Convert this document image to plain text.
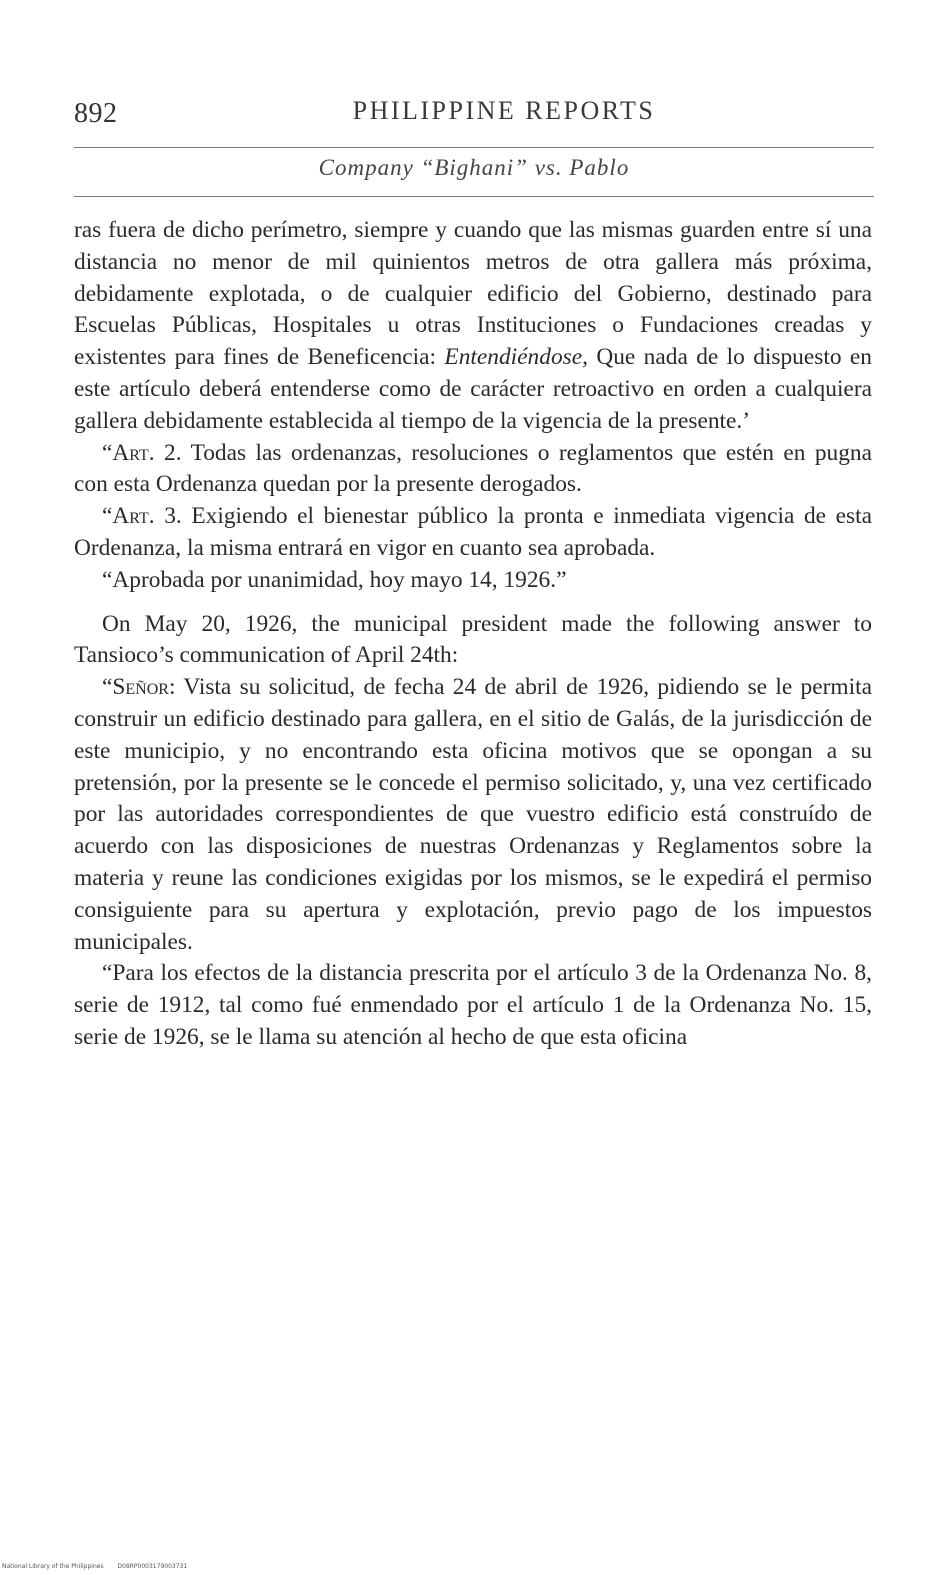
892	PHILIPPINE REPORTS
Company “Bighani” vs. Pablo

ras fuera de dicho perímetro, siempre y cuando que las mismas guarden entre sí una distancia no menor de mil quinientos metros de otra gallera más próxima, debidamente explotada, o de cualquier edificio del Gobierno, destinado para Escuelas Públicas, Hospitales u otras Instituciones o Fundaciones creadas y existentes para fines de Beneficencia: Entendiéndose, Que nada de lo dispuesto en este artículo deberá entenderse como de carácter retroactivo en orden a cualquiera gallera debidamente establecida al tiempo de la vigencia de la presente.’

“Art. 2. Todas las ordenanzas, resoluciones o reglamentos que estén en pugna con esta Ordenanza quedan por la presente derogados.

“Art. 3. Exigiendo el bienestar público la pronta e inmediata vigencia de esta Ordenanza, la misma entrará en vigor en cuanto sea aprobada.

“Aprobada por unanimidad, hoy mayo 14, 1926.”

On May 20, 1926, the municipal president made the following answer to Tansioco’s communication of April 24th:

“Señor: Vista su solicitud, de fecha 24 de abril de 1926, pidiendo se le permita construir un edificio destinado para gallera, en el sitio de Galás, de la jurisdicción de este municipio, y no encontrando esta oficina motivos que se opongan a su pretensión, por la presente se le concede el permiso solicitado, y, una vez certificado por las autoridades correspondientes de que vuestro edificio está construído de acuerdo con las disposiciones de nuestras Ordenanzas y Reglamentos sobre la materia y reune las condiciones exigidas por los mismos, se le expedirá el permiso consiguiente para su apertura y explotación, previo pago de los impuestos municipales.

“Para los efectos de la distancia prescrita por el artículo 3 de la Ordenanza No. 8, serie de 1912, tal como fué enmendado por el artículo 1 de la Ordenanza No. 15, serie de 1926, se le llama su atención al hecho de que esta oficina

National Library of the Philippines D08RP0003179003731
